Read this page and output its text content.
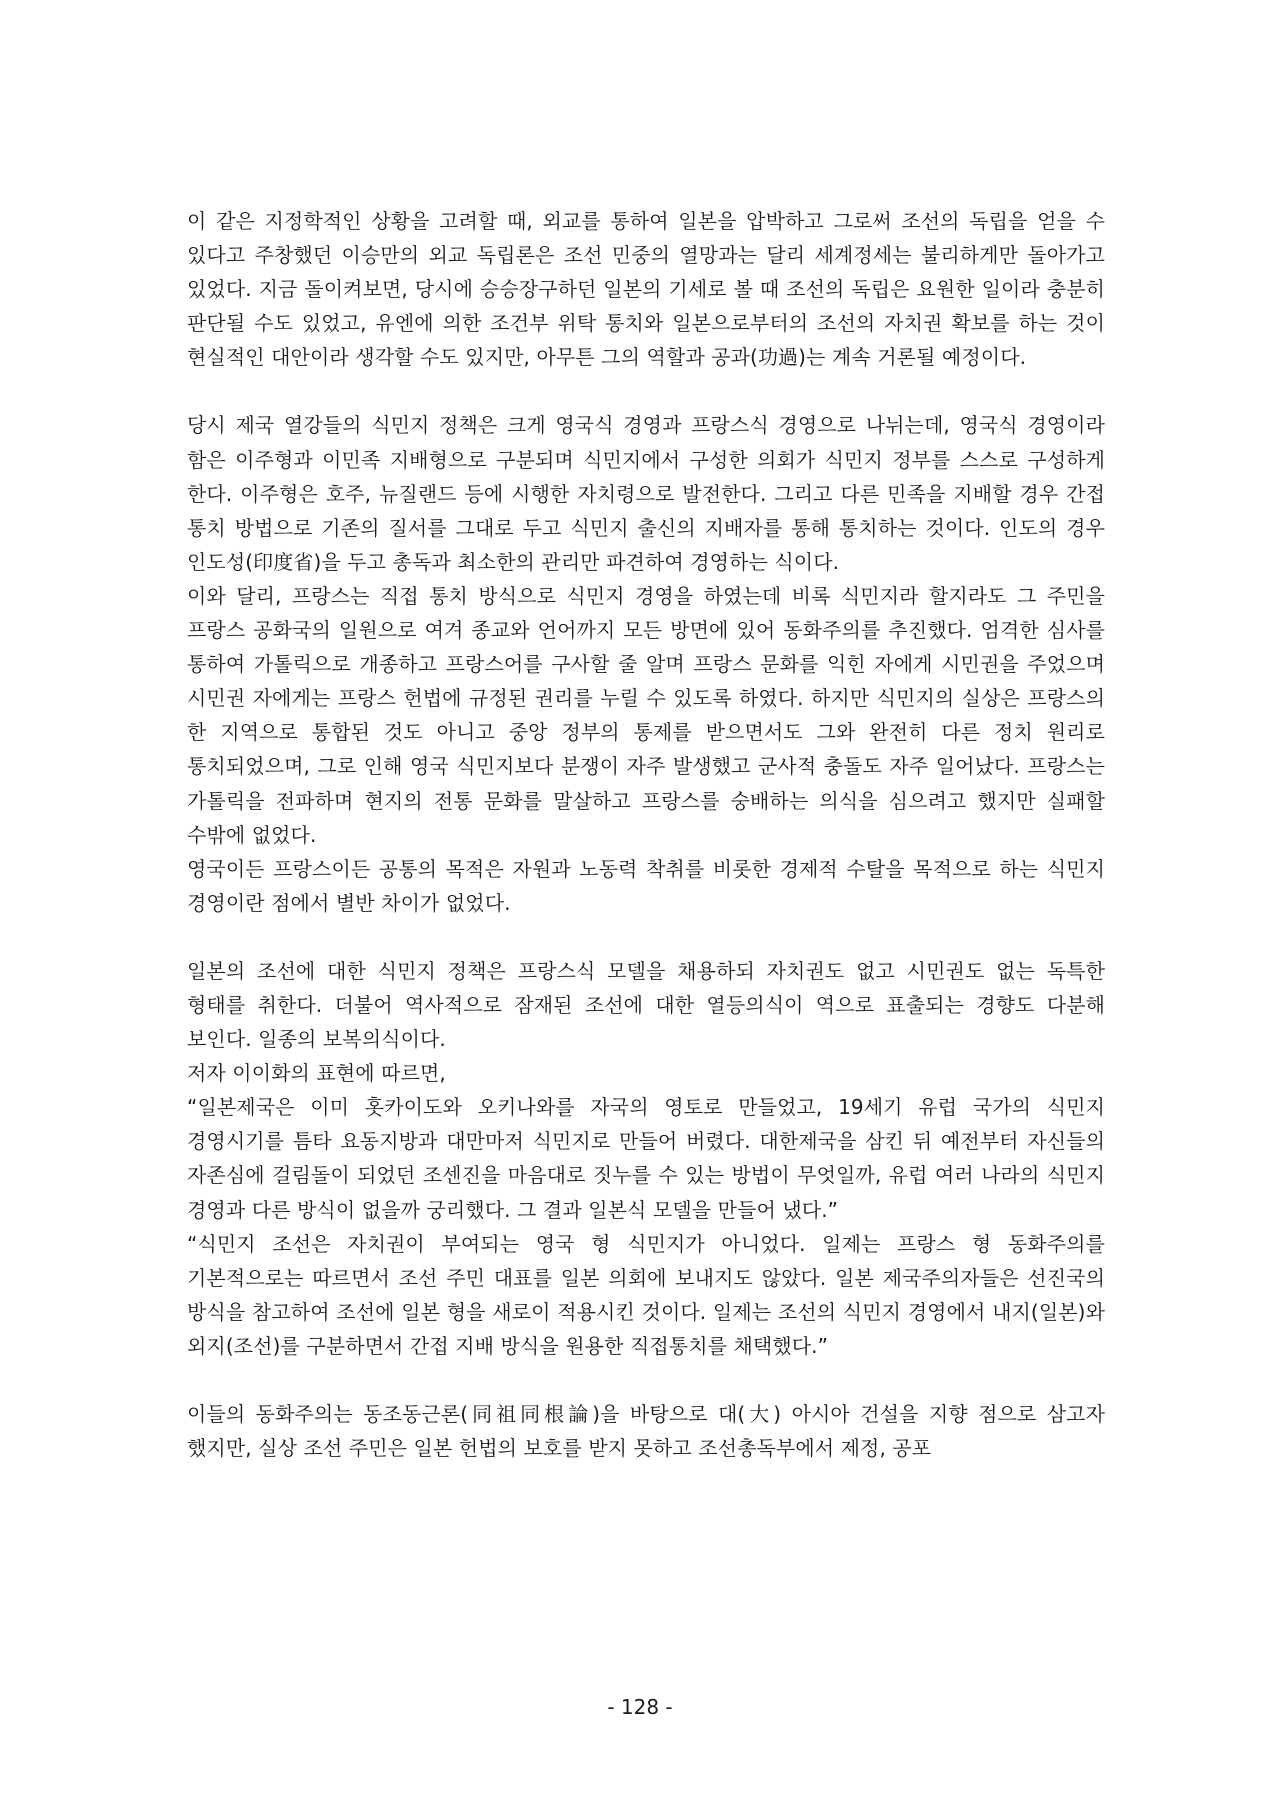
이 같은 지정학적인 상황을 고려할 때, 외교를 통하여 일본을 압박하고 그로써 조선의 독립을 얻을 수 있다고 주창했던 이승만의 외교 독립론은 조선 민중의 열망과는 달리 세계정세는 불리하게만 돌아가고 있었다. 지금 돌이켜보면, 당시에 승승장구하던 일본의 기세로 볼 때 조선의 독립은 요원한 일이라 충분히 판단될 수도 있었고, 유엔에 의한 조건부 위탁 통치와 일본으로부터의 조선의 자치권 확보를 하는 것이 현실적인 대안이라 생각할 수도 있지만, 아무튼 그의 역할과 공과(功過)는 계속 거론될 예정이다.

당시 제국 열강들의 식민지 정책은 크게 영국식 경영과 프랑스식 경영으로 나뉘는데, 영국식 경영이라 함은 이주형과 이민족 지배형으로 구분되며 식민지에서 구성한 의회가 식민지 정부를 스스로 구성하게 한다. 이주형은 호주, 뉴질랜드 등에 시행한 자치령으로 발전한다. 그리고 다른 민족을 지배할 경우 간접 통치 방법으로 기존의 질서를 그대로 두고 식민지 출신의 지배자를 통해 통치하는 것이다. 인도의 경우 인도성(印度省)을 두고 총독과 최소한의 관리만 파견하여 경영하는 식이다.

이와 달리, 프랑스는 직접 통치 방식으로 식민지 경영을 하였는데 비록 식민지라 할지라도 그 주민을 프랑스 공화국의 일원으로 여겨 종교와 언어까지 모든 방면에 있어 동화주의를 추진했다. 엄격한 심사를 통하여 가톨릭으로 개종하고 프랑스어를 구사할 줄 알며 프랑스 문화를 익힌 자에게 시민권을 주었으며 시민권 자에게는 프랑스 헌법에 규정된 권리를 누릴 수 있도록 하였다. 하지만 식민지의 실상은 프랑스의 한 지역으로 통합된 것도 아니고 중앙 정부의 통제를 받으면서도 그와 완전히 다른 정치 원리로 통치되었으며, 그로 인해 영국 식민지보다 분쟁이 자주 발생했고 군사적 충돌도 자주 일어났다. 프랑스는 가톨릭을 전파하며 현지의 전통 문화를 말살하고 프랑스를 숭배하는 의식을 심으려고 했지만 실패할 수밖에 없었다.

영국이든 프랑스이든 공통의 목적은 자원과 노동력 착취를 비롯한 경제적 수탈을 목적으로 하는 식민지 경영이란 점에서 별반 차이가 없었다.

일본의 조선에 대한 식민지 정책은 프랑스식 모델을 채용하되 자치권도 없고 시민권도 없는 독특한 형태를 취한다. 더불어 역사적으로 잠재된 조선에 대한 열등의식이 역으로 표출되는 경향도 다분해 보인다. 일종의 보복의식이다.

저자 이이화의 표현에 따르면,

“일본제국은 이미 홋카이도와 오키나와를 자국의 영토로 만들었고, 19세기 유럽 국가의 식민지 경영시기를 틈타 요동지방과 대만마저 식민지로 만들어 버렸다. 대한제국을 삼킨 뒤 예전부터 자신들의 자존심에 걸림돌이 되었던 조센진을 마음대로 짓누를 수 있는 방법이 무엇일까, 유럽 여러 나라의 식민지 경영과 다른 방식이 없을까 궁리했다. 그 결과 일본식 모델을 만들어 냈다.”

“식민지 조선은 자치권이 부여되는 영국 형 식민지가 아니었다. 일제는 프랑스 형 동화주의를 기본적으로는 따르면서 조선 주민 대표를 일본 의회에 보내지도 않았다. 일본 제국주의자들은 선진국의 방식을 참고하여 조선에 일본 형을 새로이 적용시킨 것이다. 일제는 조선의 식민지 경영에서 내지(일본)와 외지(조선)를 구분하면서 간접 지배 방식을 원용한 직접통치를 채택했다.”

이들의 동화주의는 동조동근론(同祖同根論)을 바탕으로 대(大) 아시아 건설을 지향 점으로 삼고자 했지만, 실상 조선 주민은 일본 헌법의 보호를 받지 못하고 조선총독부에서 제정, 공포

- 128 -
